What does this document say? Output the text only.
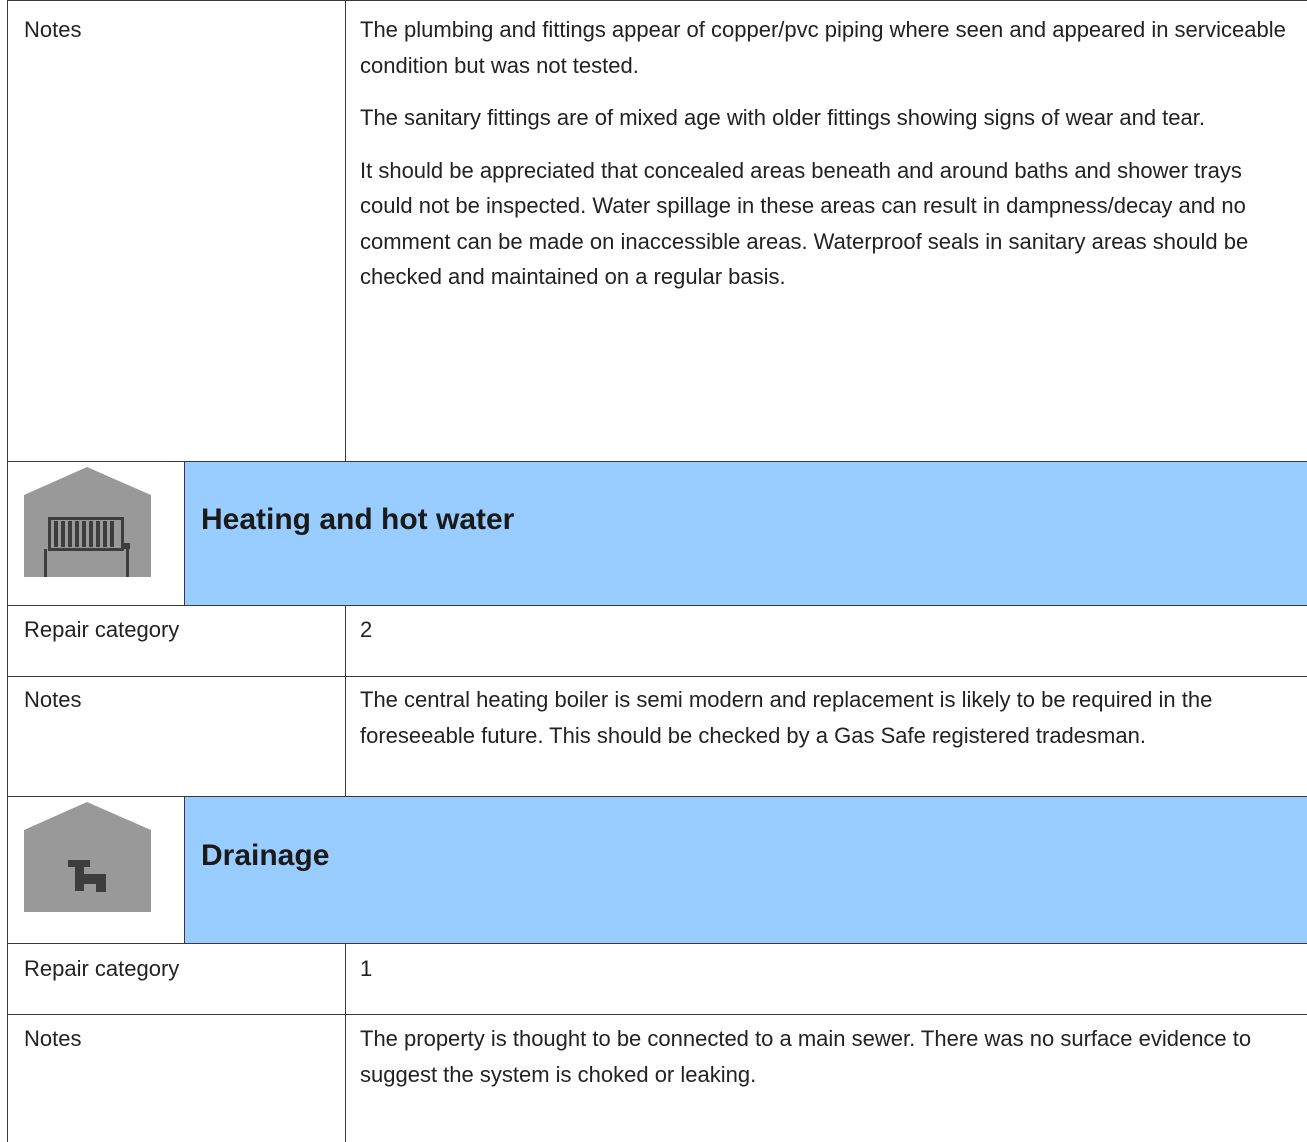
Notes	The plumbing and fittings appear of copper/pvc piping where seen and appeared in serviceable condition but was not tested.

The sanitary fittings are of mixed age with older fittings showing signs of wear and tear.

It should be appreciated that concealed areas beneath and around baths and shower trays could not be inspected. Water spillage in these areas can result in dampness/decay and no comment can be made on inaccessible areas. Waterproof seals in sanitary areas should be checked and maintained on a regular basis.

Heating and hot water
Repair category	2
Notes	The central heating boiler is semi modern and replacement is likely to be required in the foreseeable future. This should be checked by a Gas Safe registered tradesman.
Drainage
Repair category	1
Notes	The property is thought to be connected to a main sewer. There was no surface evidence to suggest the system is choked or leaking.
